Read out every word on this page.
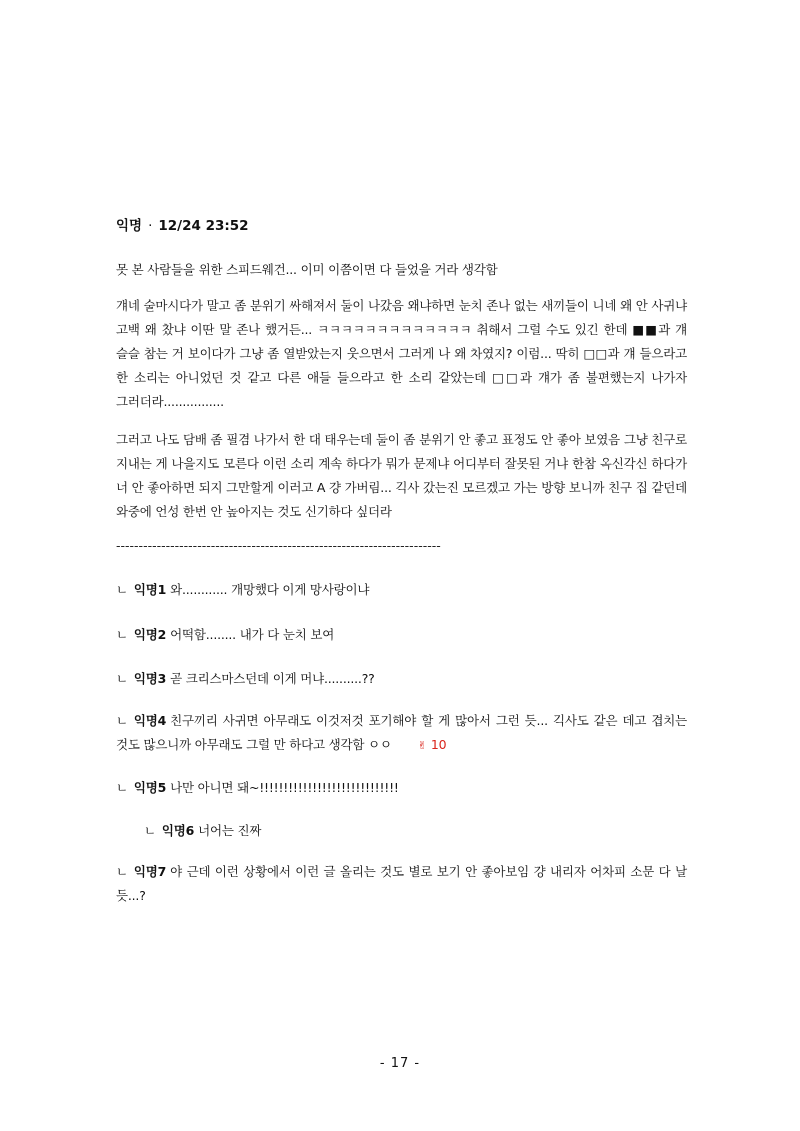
익명 · 12/24 23:52
못 본 사람들을 위한 스피드웨건... 이미 이쯤이면 다 들었을 거라 생각함
걔네 술마시다가 말고 좀 분위기 싸해져서 둘이 나갔음 왜냐하면 눈치 존나 없는 새끼들이 니네 왜 안 사귀냐 고백 왜 찼냐 이딴 말 존나 했거든... ㅋㅋㅋㅋㅋㅋㅋㅋㅋㅋㅋㅋㅋ 취해서 그럴 수도 있긴 한데 ■■과 걔 슬슬 참는 거 보이다가 그냥 좀 열받았는지 웃으면서 그러게 나 왜 차였지? 이럼... 딱히 □□과 걔 들으라고 한 소리는 아니었던 것 같고 다른 애들 들으라고 한 소리 같았는데 □□과 걔가 좀 불편했는지 나가자 그러더라................
그러고 나도 담배 좀 필겸 나가서 한 대 태우는데 둘이 좀 분위기 안 좋고 표정도 안 좋아 보였음 그냥 친구로 지내는 게 나을지도 모른다 이런 소리 계속 하다가 뭐가 문제냐 어디부터 잘못된 거냐 한참 옥신각신 하다가 너 안 좋아하면 되지 그만할게 이러고 A 걍 가버림... 긱사 갔는진 모르겠고 가는 방향 보니까 친구 집 같던데 와중에 언성 한번 안 높아지는 것도 신기하다 싶더라
------------------------------------------------------------------------
ㄴ 익명1 와............ 개망했다 이게 망사랑이냐
ㄴ 익명2 어떡함........ 내가 다 눈치 보여
ㄴ 익명3 곧 크리스마스던데 이게 머냐..........??
ㄴ 익명4 친구끼리 사귀면 아무래도 이것저것 포기해야 할 게 많아서 그런 듯... 긱사도 같은 데고 겹치는 것도 많으니까 아무래도 그럴 만 하다고 생각함 ㅇㅇ ✌ 10
ㄴ 익명5 나만 아니면 돼~!!!!!!!!!!!!!!!!!!!!!!!!!!!!!
ㄴ 익명6 너어는 진짜
ㄴ 익명7 야 근데 이런 상황에서 이런 글 올리는 것도 별로 보기 안 좋아보임 걍 내리자 어차피 소문 다 날 듯...?
- 17 -
